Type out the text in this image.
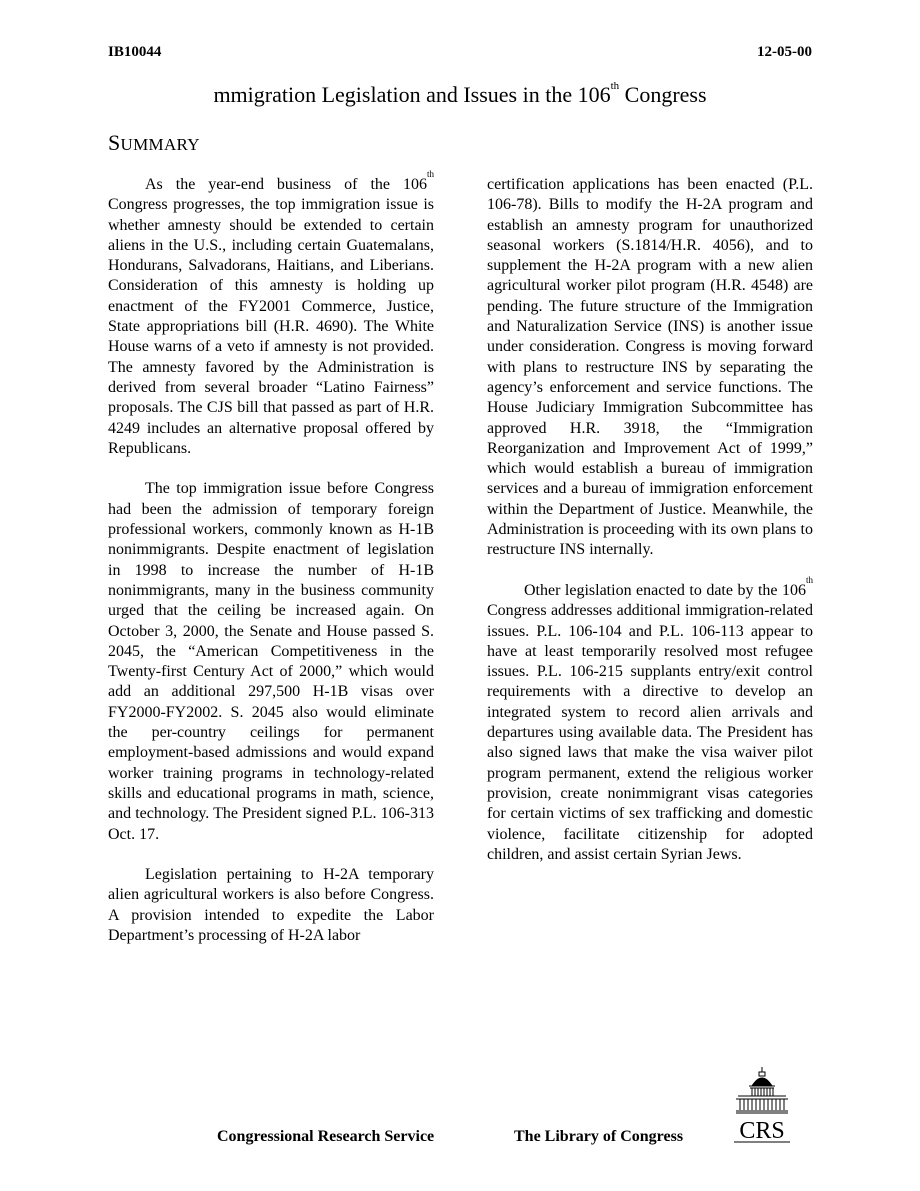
IB10044	12-05-00
mmigration Legislation and Issues in the 106th Congress
SUMMARY

As the year-end business of the 106th Congress progresses, the top immigration issue is whether amnesty should be extended to certain aliens in the U.S., including certain Guatemalans, Hondurans, Salvadorans, Haitians, and Liberians. Consideration of this amnesty is holding up enactment of the FY2001 Commerce, Justice, State appropriations bill (H.R. 4690). The White House warns of a veto if amnesty is not provided. The amnesty favored by the Administration is derived from several broader “Latino Fairness” proposals. The CJS bill that passed as part of H.R. 4249 includes an alternative proposal offered by Republicans.

The top immigration issue before Congress had been the admission of temporary foreign professional workers, commonly known as H-1B nonimmigrants. Despite enactment of legislation in 1998 to increase the number of H-1B nonimmigrants, many in the business community urged that the ceiling be increased again. On October 3, 2000, the Senate and House passed S. 2045, the “American Competitiveness in the Twenty-first Century Act of 2000,” which would add an additional 297,500 H-1B visas over FY2000-FY2002. S. 2045 also would eliminate the per-country ceilings for permanent employment-based admissions and would expand worker training programs in technology-related skills and educational programs in math, science, and technology. The President signed P.L. 106-313 Oct. 17.

Legislation pertaining to H-2A temporary alien agricultural workers is also before Congress. A provision intended to expedite the Labor Department’s processing of H-2A labor

certification applications has been enacted (P.L. 106-78). Bills to modify the H-2A program and establish an amnesty program for unauthorized seasonal workers (S.1814/H.R. 4056), and to supplement the H-2A program with a new alien agricultural worker pilot program (H.R. 4548) are pending. The future structure of the Immigration and Naturalization Service (INS) is another issue under consideration. Congress is moving forward with plans to restructure INS by separating the agency’s enforcement and service functions. The House Judiciary Immigration Subcommittee has approved H.R. 3918, the “Immigration Reorganization and Improvement Act of 1999,” which would establish a bureau of immigration services and a bureau of immigration enforcement within the Department of Justice. Meanwhile, the Administration is proceeding with its own plans to restructure INS internally.

Other legislation enacted to date by the 106th Congress addresses additional immigration-related issues. P.L. 106-104 and P.L. 106-113 appear to have at least temporarily resolved most refugee issues. P.L. 106-215 supplants entry/exit control requirements with a directive to develop an integrated system to record alien arrivals and departures using available data. The President has also signed laws that make the visa waiver pilot program permanent, extend the religious worker provision, create nonimmigrant visas categories for certain victims of sex trafficking and domestic violence, facilitate citizenship for adopted children, and assist certain Syrian Jews.

Congressional Research Service	The Library of Congress CRS
